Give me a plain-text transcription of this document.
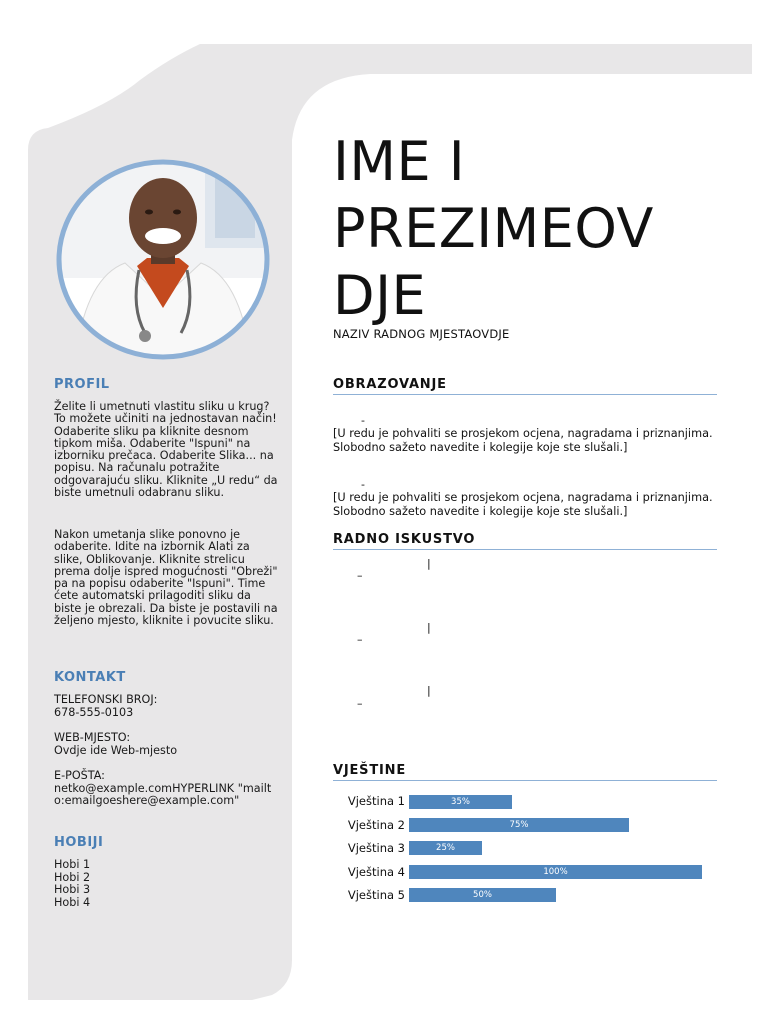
PROFIL
Želite li umetnuti vlastitu sliku u krug? To možete učiniti na jednostavan način! Odaberite sliku pa kliknite desnom tipkom miša. Odaberite "Ispuni" na izborniku prečaca. Odaberite Slika... na popisu. Na računalu potražite odgovarajuću sliku. Kliknite „U redu“ da biste umetnuli odabranu sliku.
Nakon umetanja slike ponovno je odaberite. Idite na izbornik Alati za slike, Oblikovanje. Kliknite strelicu prema dolje ispred mogućnosti "Obreži" pa na popisu odaberite "Ispuni". Time ćete automatski prilagoditi sliku da biste je obrezali. Da biste je postavili na željeno mjesto, kliknite i povucite sliku.
KONTAKT
TELEFONSKI BROJ:
678-555-0103
WEB-MJESTO:
Ovdje ide Web-mjesto
E-POŠTA:
netko@example.comHYPERLINK "mailto:emailgoeshere@example.com"
HOBIJI
Hobi 1
Hobi 2
Hobi 3
Hobi 4
IME I
PREZIMEOV
DJE
NAZIV RADNOG MJESTAOVDJE
OBRAZOVANJE
-
[U redu je pohvaliti se prosjekom ocjena, nagradama i priznanjima. Slobodno sažeto navedite i kolegije koje ste slušali.]
-
[U redu je pohvaliti se prosjekom ocjena, nagradama i priznanjima. Slobodno sažeto navedite i kolegije koje ste slušali.]
RADNO ISKUSTVO
|
–
|
–
|
–
VJEŠTINE
Vještina 1	35%
Vještina 2	75%
Vještina 3	25%
Vještina 4	100%
Vještina 5	50%
